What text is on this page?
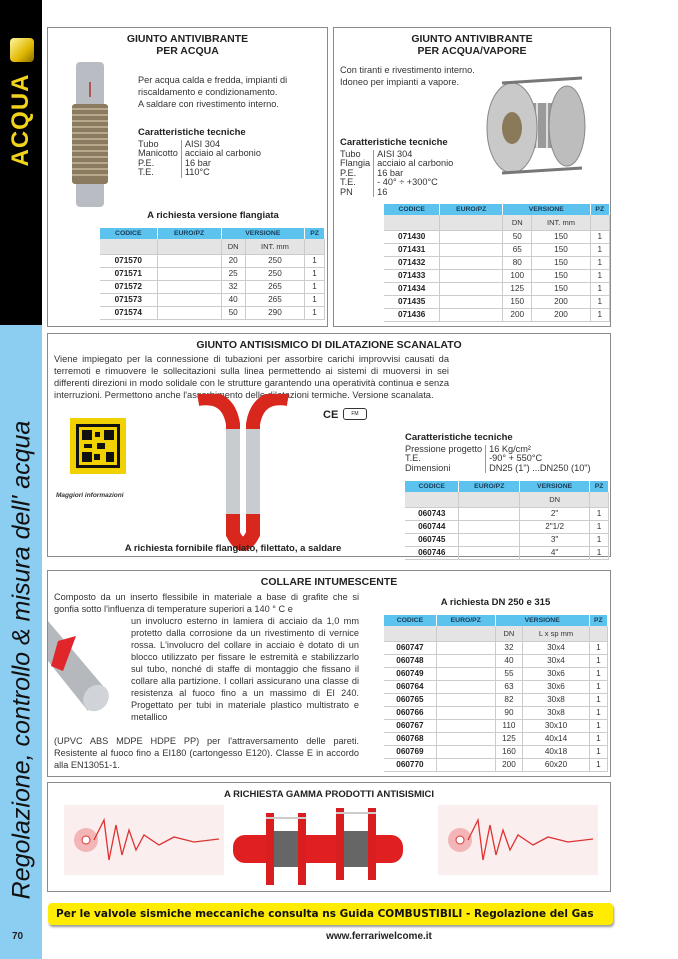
ACQUA
Regolazione, controllo & misura dell' acqua
70
GIUNTO ANTIVIBRANTE
PER ACQUA
Per acqua calda e fredda, impianti di
riscaldamento e condizionamento.
A saldare con rivestimento interno.
Caratteristiche tecniche
Tubo	AISI 304
Manicotto	acciaio al carbonio
P.E.	16 bar
T.E.	110°C
A richiesta versione flangiata
CODICE	EURO/PZ	VERSIONE		PZ
		DN	INT. mm	
071570		20	250	1
071571		25	250	1
071572		32	265	1
071573		40	265	1
071574		50	290	1
GIUNTO ANTIVIBRANTE
PER ACQUA/VAPORE
Con tiranti e rivestimento interno.
Idoneo per impianti a vapore.
Caratteristiche tecniche
Tubo	AISI 304
Flangia	acciaio al carbonio
P.E.	16 bar
T.E.	- 40° ÷ +300°C
PN	16
CODICE	EURO/PZ	VERSIONE		PZ
		DN	INT. mm	
071430		50	150	1
071431		65	150	1
071432		80	150	1
071433		100	150	1
071434		125	150	1
071435		150	200	1
071436		200	200	1
GIUNTO ANTISISMICO DI DILATAZIONE SCANALATO
Viene impiegato per la connessione di tubazioni per assorbire carichi improvvisi causati da terremoti e rimuovere le sollecitazioni sulla linea permettendo ai sistemi di muoversi in sei differenti direzioni in modo solidale con le strutture garantendo una operatività continua e senza interruzioni. Permettono anche l'assorbimento delle dilatazioni termiche. Versione scanalata.
Maggiori informazioni
CE	FM
Caratteristiche tecniche
Pressione progetto	16 Kg/cm²
T.E.	-90° + 550°C
Dimensioni	DN25 (1") ...DN250 (10")
A richiesta fornibile flangiato, filettato, a saldare
CODICE	EURO/PZ	VERSIONE	PZ
		DN	
060743		2"	1
060744		2"1/2	1
060745		3"	1
060746		4"	1
COLLARE INTUMESCENTE
Composto da un inserto flessibile in materiale a base di grafite che si gonfia sotto l'influenza di temperature superiori a 140 ° C e
un involucro esterno in lamiera di acciaio da 1,0 mm protetto dalla corrosione da un rivestimento di vernice rossa. L'involucro del collare in acciaio è dotato di un blocco utilizzato per fissare le estremità e stabilizzarlo sul tubo, nonché di staffe di montaggio che fissano il collare alla partizione. I collari assicurano una classe di resistenza al fuoco fino a un massimo di EI 240. Progettato per tubi in materiale plastico multistrato e metallico
(UPVC ABS MDPE HDPE PP) per l'attraversamento delle pareti. Resistente al fuoco fino a EI180 (cartongesso E120). Classe E in accordo alla EN13051-1.
A richiesta DN 250 e 315
CODICE	EURO/PZ	VERSIONE		PZ
		DN	L x sp mm	
060747		32	30x4	1
060748		40	30x4	1
060749		55	30x6	1
060764		63	30x6	1
060765		82	30x8	1
060766		90	30x8	1
060767		110	30x10	1
060768		125	40x14	1
060769		160	40x18	1
060770		200	60x20	1
A RICHIESTA GAMMA PRODOTTI ANTISISMICI
Per le valvole sismiche meccaniche consulta ns Guida COMBUSTIBILI - Regolazione del Gas
www.ferrariwelcome.it
